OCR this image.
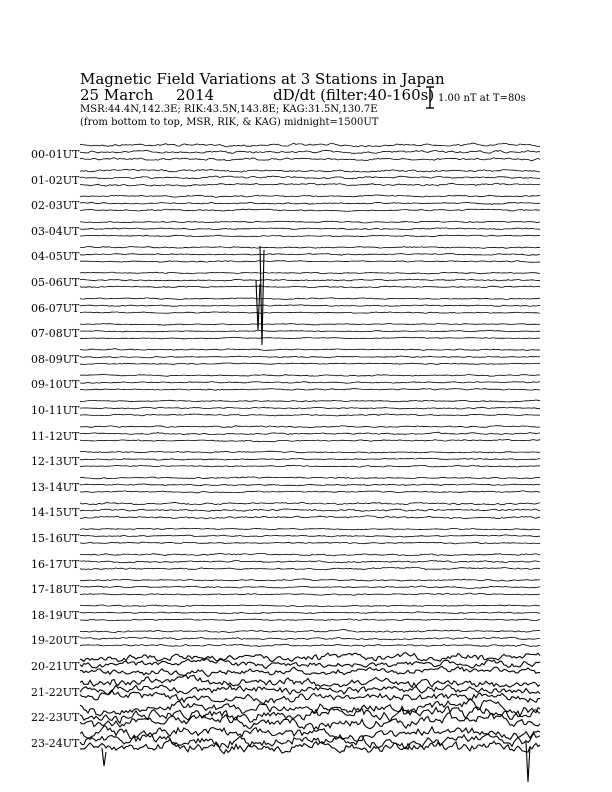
Magnetic Field Variations at 3 Stations in Japan
25 March 2014	dD/dt (filter:40-160s)
MSR:44.4N,142.3E; RIK:43.5N,143.8E; KAG:31.5N,130.7E
(from bottom to top, MSR, RIK, & KAG) midnight=1500UT
1.00 nT at T=80s
00-01UT
01-02UT
02-03UT
03-04UT
04-05UT
05-06UT
06-07UT
07-08UT
08-09UT
09-10UT
10-11UT
11-12UT
12-13UT
13-14UT
14-15UT
15-16UT
16-17UT
17-18UT
18-19UT
19-20UT
20-21UT
21-22UT
22-23UT
23-24UT
